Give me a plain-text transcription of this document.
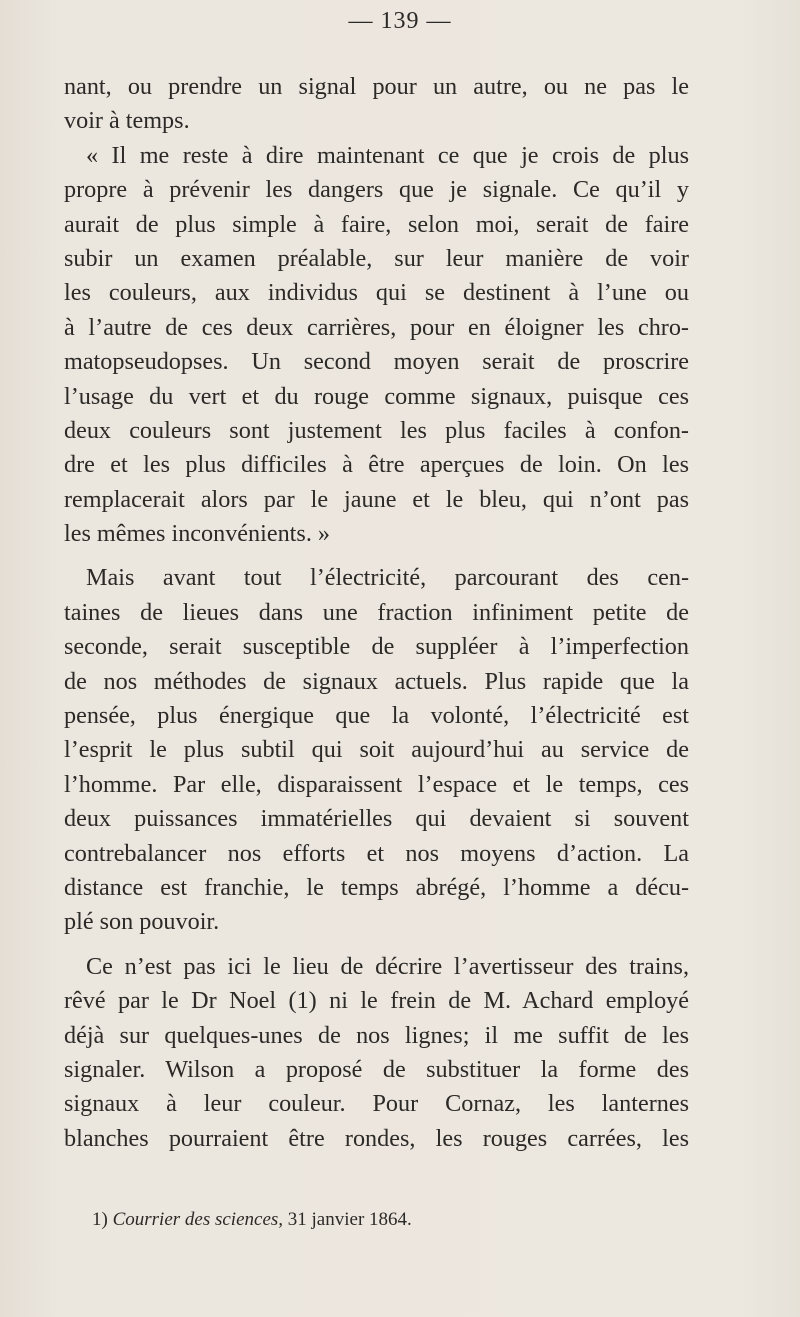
— 139 —
nant, ou prendre un signal pour un autre, ou ne pas le
voir à temps.
« Il me reste à dire maintenant ce que je crois de plus
propre à prévenir les dangers que je signale. Ce qu’il y
aurait de plus simple à faire, selon moi, serait de faire
subir un examen préalable, sur leur manière de voir
les couleurs, aux individus qui se destinent à l’une ou
à l’autre de ces deux carrières, pour en éloigner les chro-
matopseudopses. Un second moyen serait de proscrire
l’usage du vert et du rouge comme signaux, puisque ces
deux couleurs sont justement les plus faciles à confon-
dre et les plus difficiles à être aperçues de loin. On les
remplacerait alors par le jaune et le bleu, qui n’ont pas
les mêmes inconvénients. »
Mais avant tout l’électricité, parcourant des cen-
taines de lieues dans une fraction infiniment petite de
seconde, serait susceptible de suppléer à l’imperfection
de nos méthodes de signaux actuels. Plus rapide que la
pensée, plus énergique que la volonté, l’électricité est
l’esprit le plus subtil qui soit aujourd’hui au service de
l’homme. Par elle, disparaissent l’espace et le temps, ces
deux puissances immatérielles qui devaient si souvent
contrebalancer nos efforts et nos moyens d’action. La
distance est franchie, le temps abrégé, l’homme a décu-
plé son pouvoir.
Ce n’est pas ici le lieu de décrire l’avertisseur des trains,
rêvé par le Dr Noel (1) ni le frein de M. Achard employé
déjà sur quelques-unes de nos lignes; il me suffit de les
signaler. Wilson a proposé de substituer la forme des
signaux à leur couleur. Pour Cornaz, les lanternes
blanches pourraient être rondes, les rouges carrées, les
1) Courrier des sciences, 31 janvier 1864.
